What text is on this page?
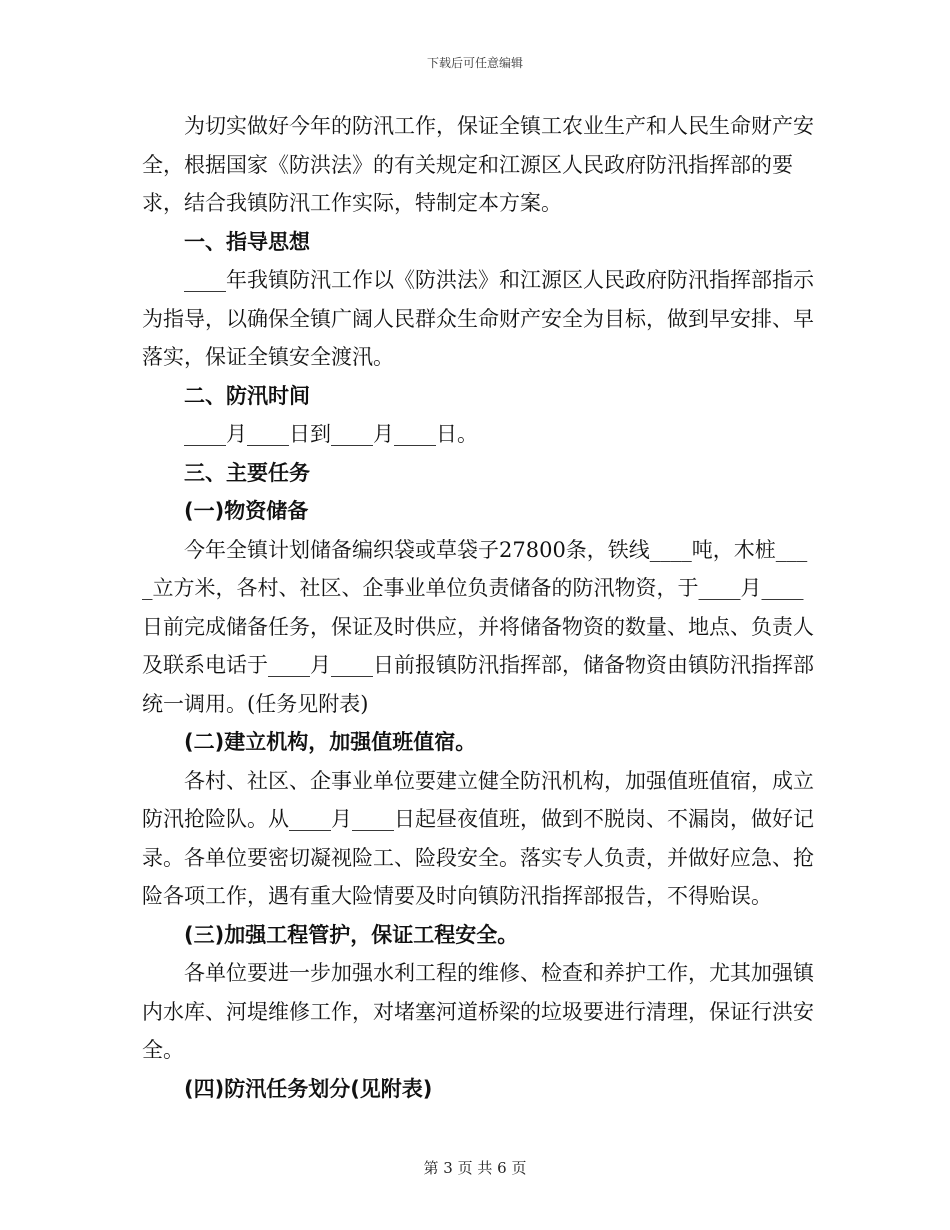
下载后可任意编辑

为切实做好今年的防汛工作，保证全镇工农业生产和人民生命财产安全，根据国家《防洪法》的有关规定和江源区人民政府防汛指挥部的要求，结合我镇防汛工作实际，特制定本方案。

一、指导思想

____年我镇防汛工作以《防洪法》和江源区人民政府防汛指挥部指示为指导，以确保全镇广阔人民群众生命财产安全为目标，做到早安排、早落实，保证全镇安全渡汛。

二、防汛时间

____月____日到____月____日。

三、主要任务

(一)物资储备

今年全镇计划储备编织袋或草袋子27800条，铁线____吨，木桩____立方米，各村、社区、企事业单位负责储备的防汛物资，于____月____日前完成储备任务，保证及时供应，并将储备物资的数量、地点、负责人及联系电话于____月____日前报镇防汛指挥部，储备物资由镇防汛指挥部统一调用。(任务见附表)

(二)建立机构，加强值班值宿。

各村、社区、企事业单位要建立健全防汛机构，加强值班值宿，成立防汛抢险队。从____月____日起昼夜值班，做到不脱岗、不漏岗，做好记录。各单位要密切凝视险工、险段安全。落实专人负责，并做好应急、抢险各项工作，遇有重大险情要及时向镇防汛指挥部报告，不得贻误。

(三)加强工程管护，保证工程安全。

各单位要进一步加强水利工程的维修、检查和养护工作，尤其加强镇内水库、河堤维修工作，对堵塞河道桥梁的垃圾要进行清理，保证行洪安全。

(四)防汛任务划分(见附表)

第 3 页 共 6 页
